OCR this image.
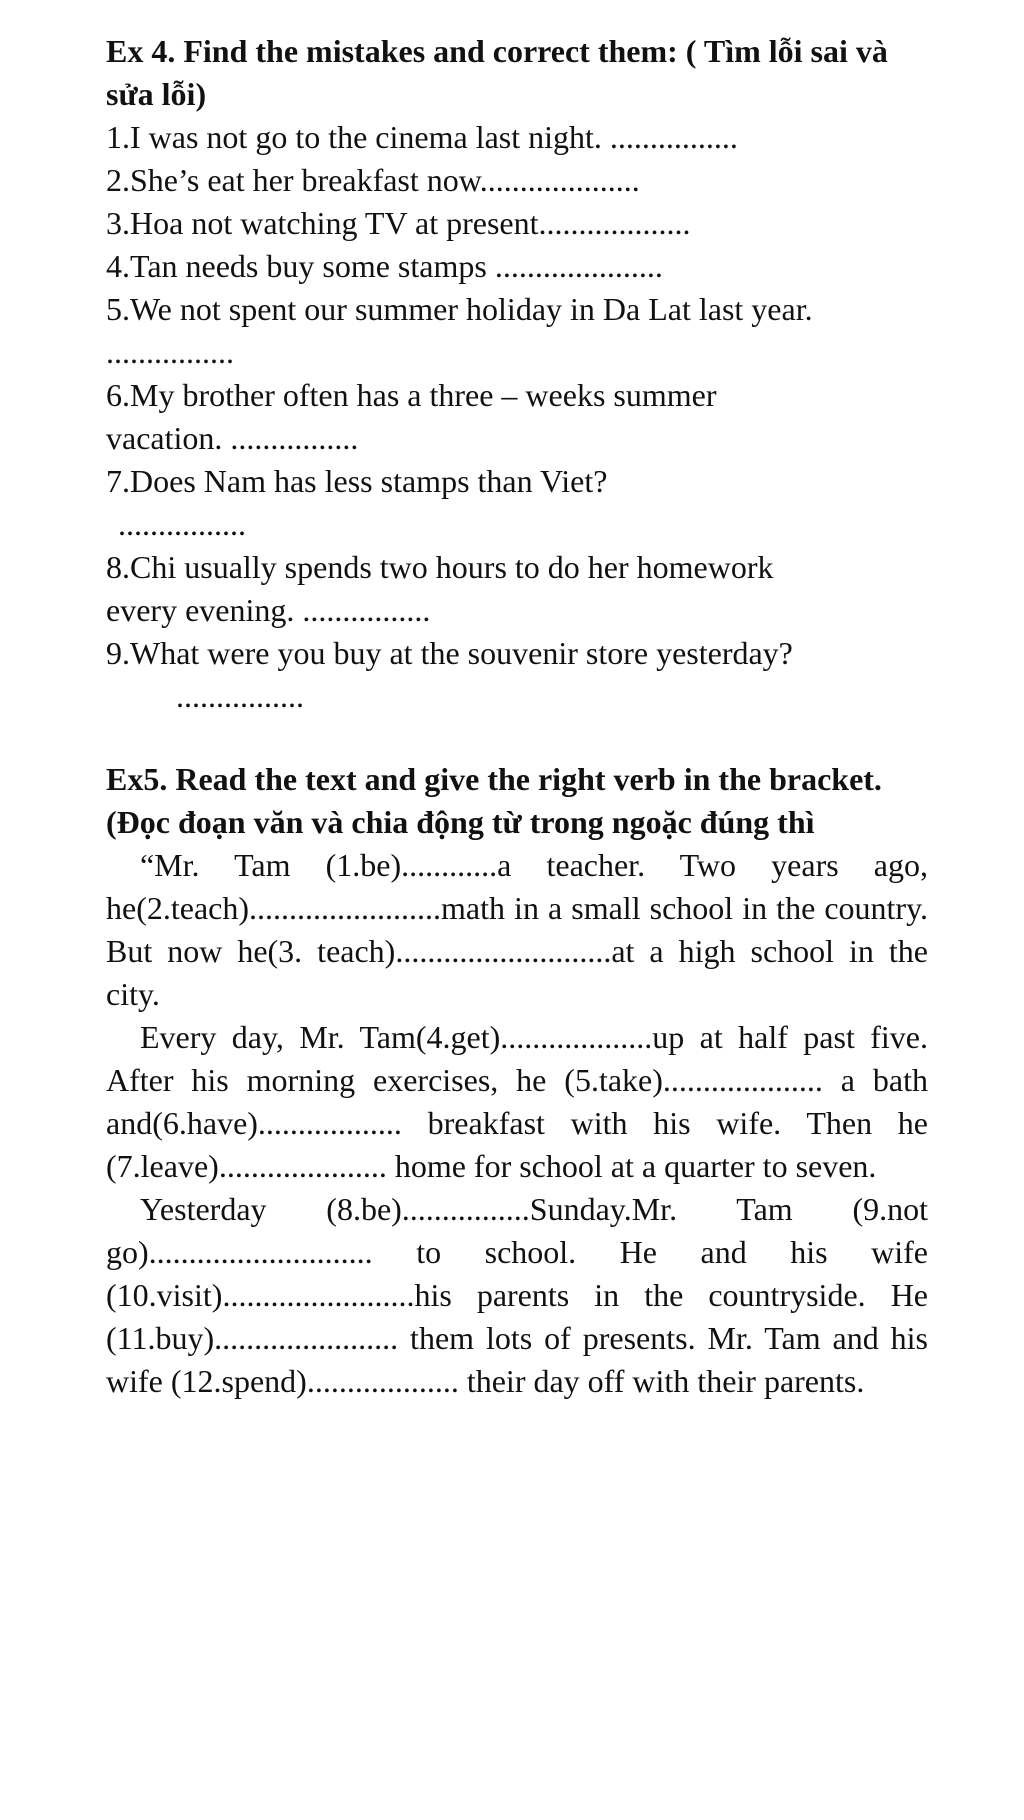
Ex 4. Find the mistakes and correct them: ( Tìm lỗi sai và sửa lỗi)

1.I was not go to the cinema last night. ................

2.She’s eat her breakfast now....................

3.Hoa not watching TV at present...................

4.Tan needs buy some stamps .....................

5.We not spent our summer holiday in Da Lat last year.

................

6.My brother often has a three – weeks summer

vacation. ................

7.Does Nam has less stamps than Viet?

................

8.Chi usually spends two hours to do her homework

every evening. ................

9.What were you buy at the souvenir store yesterday?

................

Ex5. Read the text and give the right verb in the bracket.(Đọc đoạn văn và chia động từ trong ngoặc đúng thì

“Mr. Tam (1.be)............a teacher. Two years ago, he(2.teach)........................math in a small school in the country. But now he(3. teach)...........................at a high school in the city.

Every day, Mr. Tam(4.get)...................up at half past five. After his morning exercises, he (5.take).................... a bath and(6.have).................. breakfast with his wife. Then he (7.leave)..................... home for school at a quarter to seven.

Yesterday (8.be)................Sunday.Mr. Tam (9.not go)............................ to school. He and his wife (10.visit)........................his parents in the countryside. He (11.buy)....................... them lots of presents. Mr. Tam and his wife (12.spend)................... their day off with their parents.
